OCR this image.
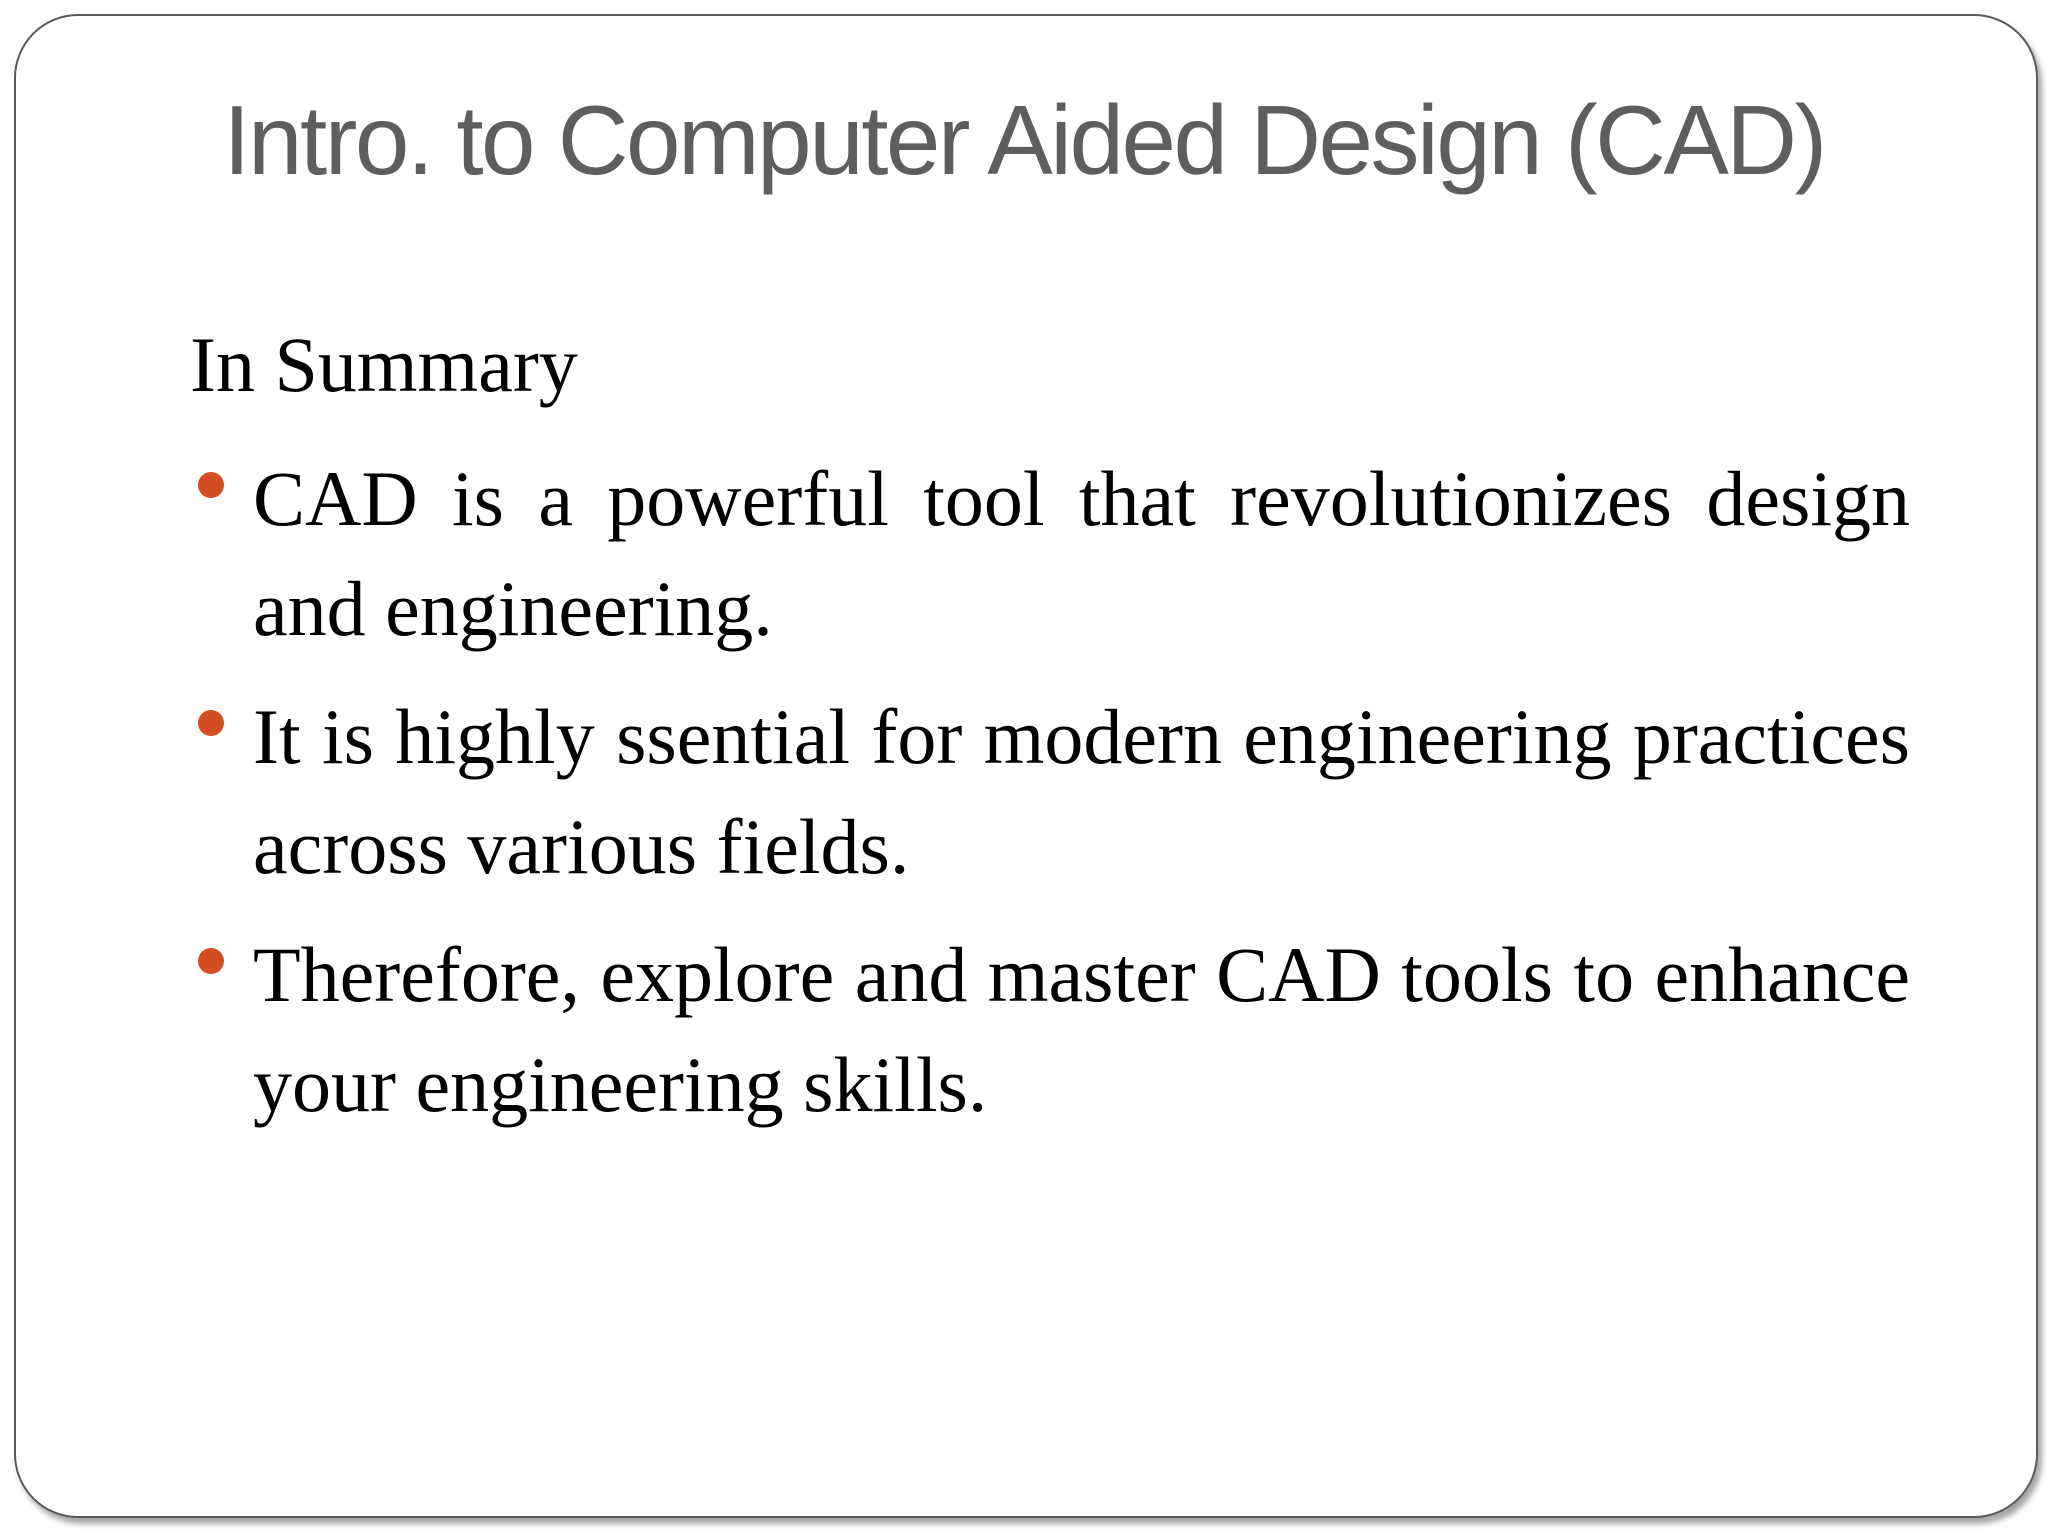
Intro. to Computer Aided Design (CAD)
In Summary
CAD is a powerful tool that revolutionizes design and engineering.
It is highly ssential for modern engineering practices across various fields.
Therefore, explore and master CAD tools to enhance your engineering skills.
